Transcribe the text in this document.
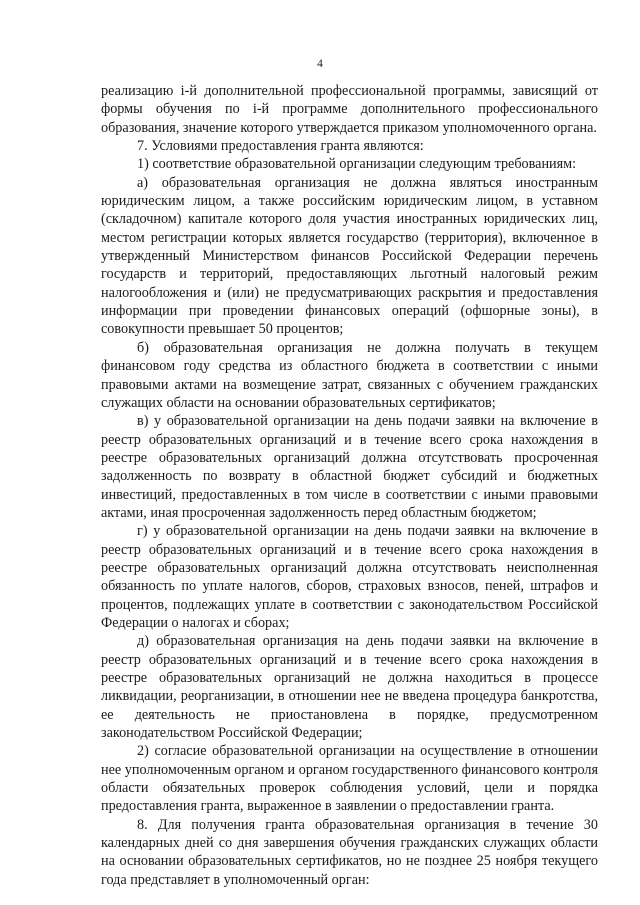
4

реализацию i-й дополнительной профессиональной программы, зависящий от формы обучения по i-й программе дополнительного профессионального образования, значение которого утверждается приказом уполномоченного органа.

7. Условиями предоставления гранта являются:

1) соответствие образовательной организации следующим требованиям:

а) образовательная организация не должна являться иностранным юридическим лицом, а также российским юридическим лицом, в уставном (складочном) капитале которого доля участия иностранных юридических лиц, местом регистрации которых является государство (территория), включенное в утвержденный Министерством финансов Российской Федерации перечень государств и территорий, предоставляющих льготный налоговый режим налогообложения и (или) не предусматривающих раскрытия и предоставления информации при проведении финансовых операций (офшорные зоны), в совокупности превышает 50 процентов;

б) образовательная организация не должна получать в текущем финансовом году средства из областного бюджета в соответствии с иными правовыми актами на возмещение затрат, связанных с обучением гражданских служащих области на основании образовательных сертификатов;

в) у образовательной организации на день подачи заявки на включение в реестр образовательных организаций и в течение всего срока нахождения в реестре образовательных организаций должна отсутствовать просроченная задолженность по возврату в областной бюджет субсидий и бюджетных инвестиций, предоставленных в том числе в соответствии с иными правовыми актами, иная просроченная задолженность перед областным бюджетом;

г) у образовательной организации на день подачи заявки на включение в реестр образовательных организаций и в течение всего срока нахождения в реестре образовательных организаций должна отсутствовать неисполненная обязанность по уплате налогов, сборов, страховых взносов, пеней, штрафов и процентов, подлежащих уплате в соответствии с законодательством Российской Федерации о налогах и сборах;

д) образовательная организация на день подачи заявки на включение в реестр образовательных организаций и в течение всего срока нахождения в реестре образовательных организаций не должна находиться в процессе ликвидации, реорганизации, в отношении нее не введена процедура банкротства, ее деятельность не приостановлена в порядке, предусмотренном законодательством Российской Федерации;

2) согласие образовательной организации на осуществление в отношении нее уполномоченным органом и органом государственного финансового контроля области обязательных проверок соблюдения условий, цели и порядка предоставления гранта, выраженное в заявлении о предоставлении гранта.

8. Для получения гранта образовательная организация в течение 30 календарных дней со дня завершения обучения гражданских служащих области на основании образовательных сертификатов, но не позднее 25 ноября текущего года представляет в уполномоченный орган:
